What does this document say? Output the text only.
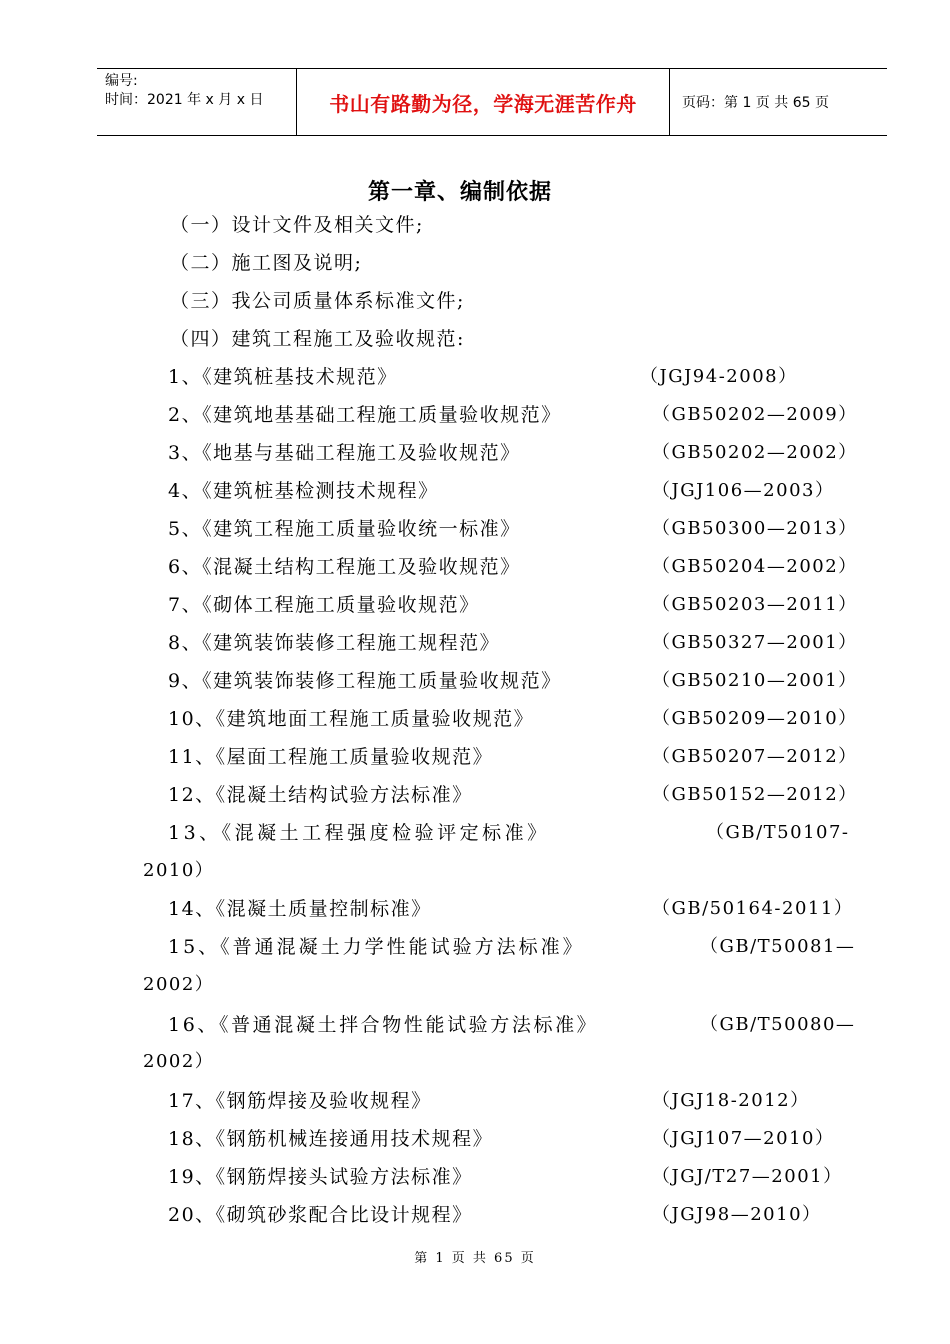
编号:
时间：2021 年 x 月 x 日	书山有路勤为径，学海无涯苦作舟	页码：第 1 页 共 65 页
第一章、编制依据
（一）设计文件及相关文件;
（二）施工图及说明;
（三）我公司质量体系标准文件;
（四）建筑工程施工及验收规范:
1、《建筑桩基技术规范》	（JGJ94-2008）
2、《建筑地基基础工程施工质量验收规范》	（GB50202—2009）
3、《地基与基础工程施工及验收规范》	（GB50202—2002）
4、《建筑桩基检测技术规程》	（JGJ106—2003）
5、《建筑工程施工质量验收统一标准》	（GB50300—2013）
6、《混凝土结构工程施工及验收规范》	（GB50204—2002）
7、《砌体工程施工质量验收规范》	（GB50203—2011）
8、《建筑装饰装修工程施工规程范》	（GB50327—2001）
9、《建筑装饰装修工程施工质量验收规范》	（GB50210—2001）
10、《建筑地面工程施工质量验收规范》	（GB50209—2010）
11、《屋面工程施工质量验收规范》	（GB50207—2012）
12、《混凝土结构试验方法标准》	（GB50152—2012）
13、《混凝土工程强度检验评定标准》	（GB/T50107-
2010）
14、《混凝土质量控制标准》	（GB/50164-2011）
15、《普通混凝土力学性能试验方法标准》	（GB/T50081—
2002）
16、《普通混凝土拌合物性能试验方法标准》	（GB/T50080—
2002）
17、《钢筋焊接及验收规程》	（JGJ18-2012）
18、《钢筋机械连接通用技术规程》	（JGJ107—2010）
19、《钢筋焊接头试验方法标准》	（JGJ/T27—2001）
20、《砌筑砂浆配合比设计规程》	（JGJ98—2010）
第 1 页 共 65 页
